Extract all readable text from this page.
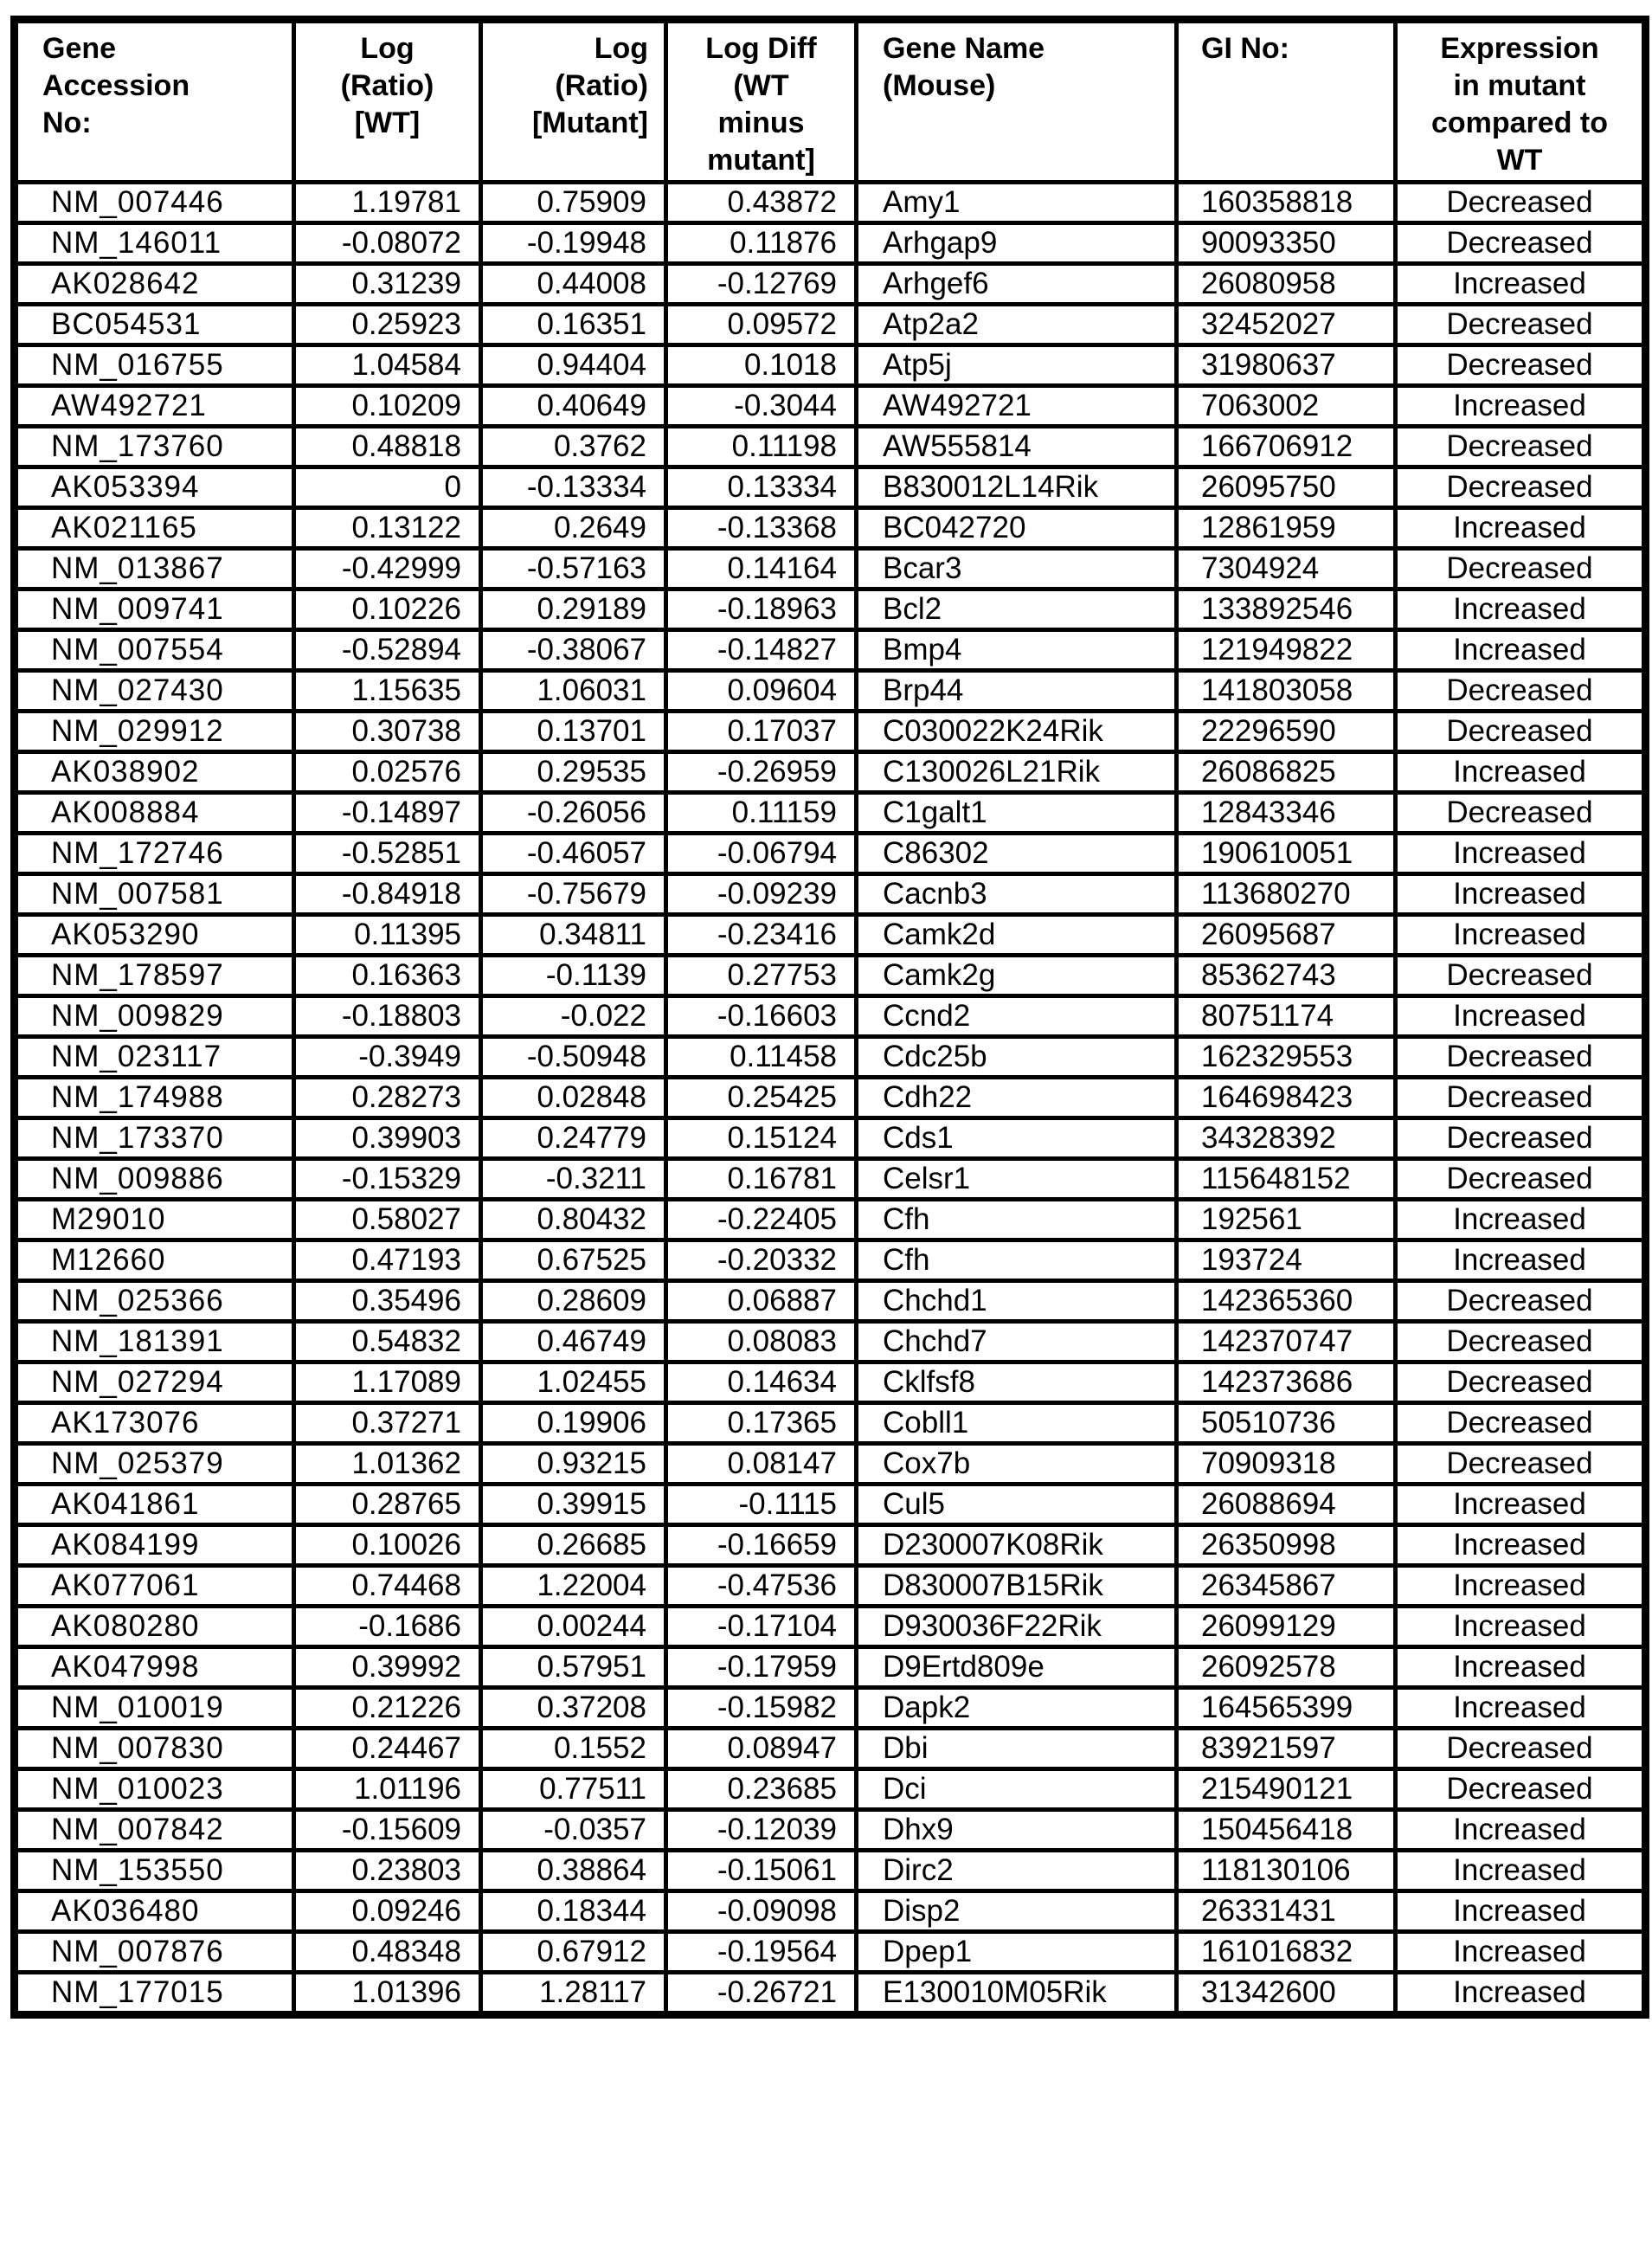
Gene
Accession
No:	Log
(Ratio)
[WT]	Log
(Ratio)
[Mutant]	Log Diff
(WT
minus
mutant]	Gene Name
(Mouse)	GI No:	Expression
in mutant
compared to
WT
NM_007446	1.19781	0.75909	0.43872	Amy1	160358818	Decreased
NM_146011	-0.08072	-0.19948	0.11876	Arhgap9	90093350	Decreased
AK028642	0.31239	0.44008	-0.12769	Arhgef6	26080958	Increased
BC054531	0.25923	0.16351	0.09572	Atp2a2	32452027	Decreased
NM_016755	1.04584	0.94404	0.1018	Atp5j	31980637	Decreased
AW492721	0.10209	0.40649	-0.3044	AW492721	7063002	Increased
NM_173760	0.48818	0.3762	0.11198	AW555814	166706912	Decreased
AK053394	0	-0.13334	0.13334	B830012L14Rik	26095750	Decreased
AK021165	0.13122	0.2649	-0.13368	BC042720	12861959	Increased
NM_013867	-0.42999	-0.57163	0.14164	Bcar3	7304924	Decreased
NM_009741	0.10226	0.29189	-0.18963	Bcl2	133892546	Increased
NM_007554	-0.52894	-0.38067	-0.14827	Bmp4	121949822	Increased
NM_027430	1.15635	1.06031	0.09604	Brp44	141803058	Decreased
NM_029912	0.30738	0.13701	0.17037	C030022K24Rik	22296590	Decreased
AK038902	0.02576	0.29535	-0.26959	C130026L21Rik	26086825	Increased
AK008884	-0.14897	-0.26056	0.11159	C1galt1	12843346	Decreased
NM_172746	-0.52851	-0.46057	-0.06794	C86302	190610051	Increased
NM_007581	-0.84918	-0.75679	-0.09239	Cacnb3	113680270	Increased
AK053290	0.11395	0.34811	-0.23416	Camk2d	26095687	Increased
NM_178597	0.16363	-0.1139	0.27753	Camk2g	85362743	Decreased
NM_009829	-0.18803	-0.022	-0.16603	Ccnd2	80751174	Increased
NM_023117	-0.3949	-0.50948	0.11458	Cdc25b	162329553	Decreased
NM_174988	0.28273	0.02848	0.25425	Cdh22	164698423	Decreased
NM_173370	0.39903	0.24779	0.15124	Cds1	34328392	Decreased
NM_009886	-0.15329	-0.3211	0.16781	Celsr1	115648152	Decreased
M29010	0.58027	0.80432	-0.22405	Cfh	192561	Increased
M12660	0.47193	0.67525	-0.20332	Cfh	193724	Increased
NM_025366	0.35496	0.28609	0.06887	Chchd1	142365360	Decreased
NM_181391	0.54832	0.46749	0.08083	Chchd7	142370747	Decreased
NM_027294	1.17089	1.02455	0.14634	Cklfsf8	142373686	Decreased
AK173076	0.37271	0.19906	0.17365	Cobll1	50510736	Decreased
NM_025379	1.01362	0.93215	0.08147	Cox7b	70909318	Decreased
AK041861	0.28765	0.39915	-0.1115	Cul5	26088694	Increased
AK084199	0.10026	0.26685	-0.16659	D230007K08Rik	26350998	Increased
AK077061	0.74468	1.22004	-0.47536	D830007B15Rik	26345867	Increased
AK080280	-0.1686	0.00244	-0.17104	D930036F22Rik	26099129	Increased
AK047998	0.39992	0.57951	-0.17959	D9Ertd809e	26092578	Increased
NM_010019	0.21226	0.37208	-0.15982	Dapk2	164565399	Increased
NM_007830	0.24467	0.1552	0.08947	Dbi	83921597	Decreased
NM_010023	1.01196	0.77511	0.23685	Dci	215490121	Decreased
NM_007842	-0.15609	-0.0357	-0.12039	Dhx9	150456418	Increased
NM_153550	0.23803	0.38864	-0.15061	Dirc2	118130106	Increased
AK036480	0.09246	0.18344	-0.09098	Disp2	26331431	Increased
NM_007876	0.48348	0.67912	-0.19564	Dpep1	161016832	Increased
NM_177015	1.01396	1.28117	-0.26721	E130010M05Rik	31342600	Increased
